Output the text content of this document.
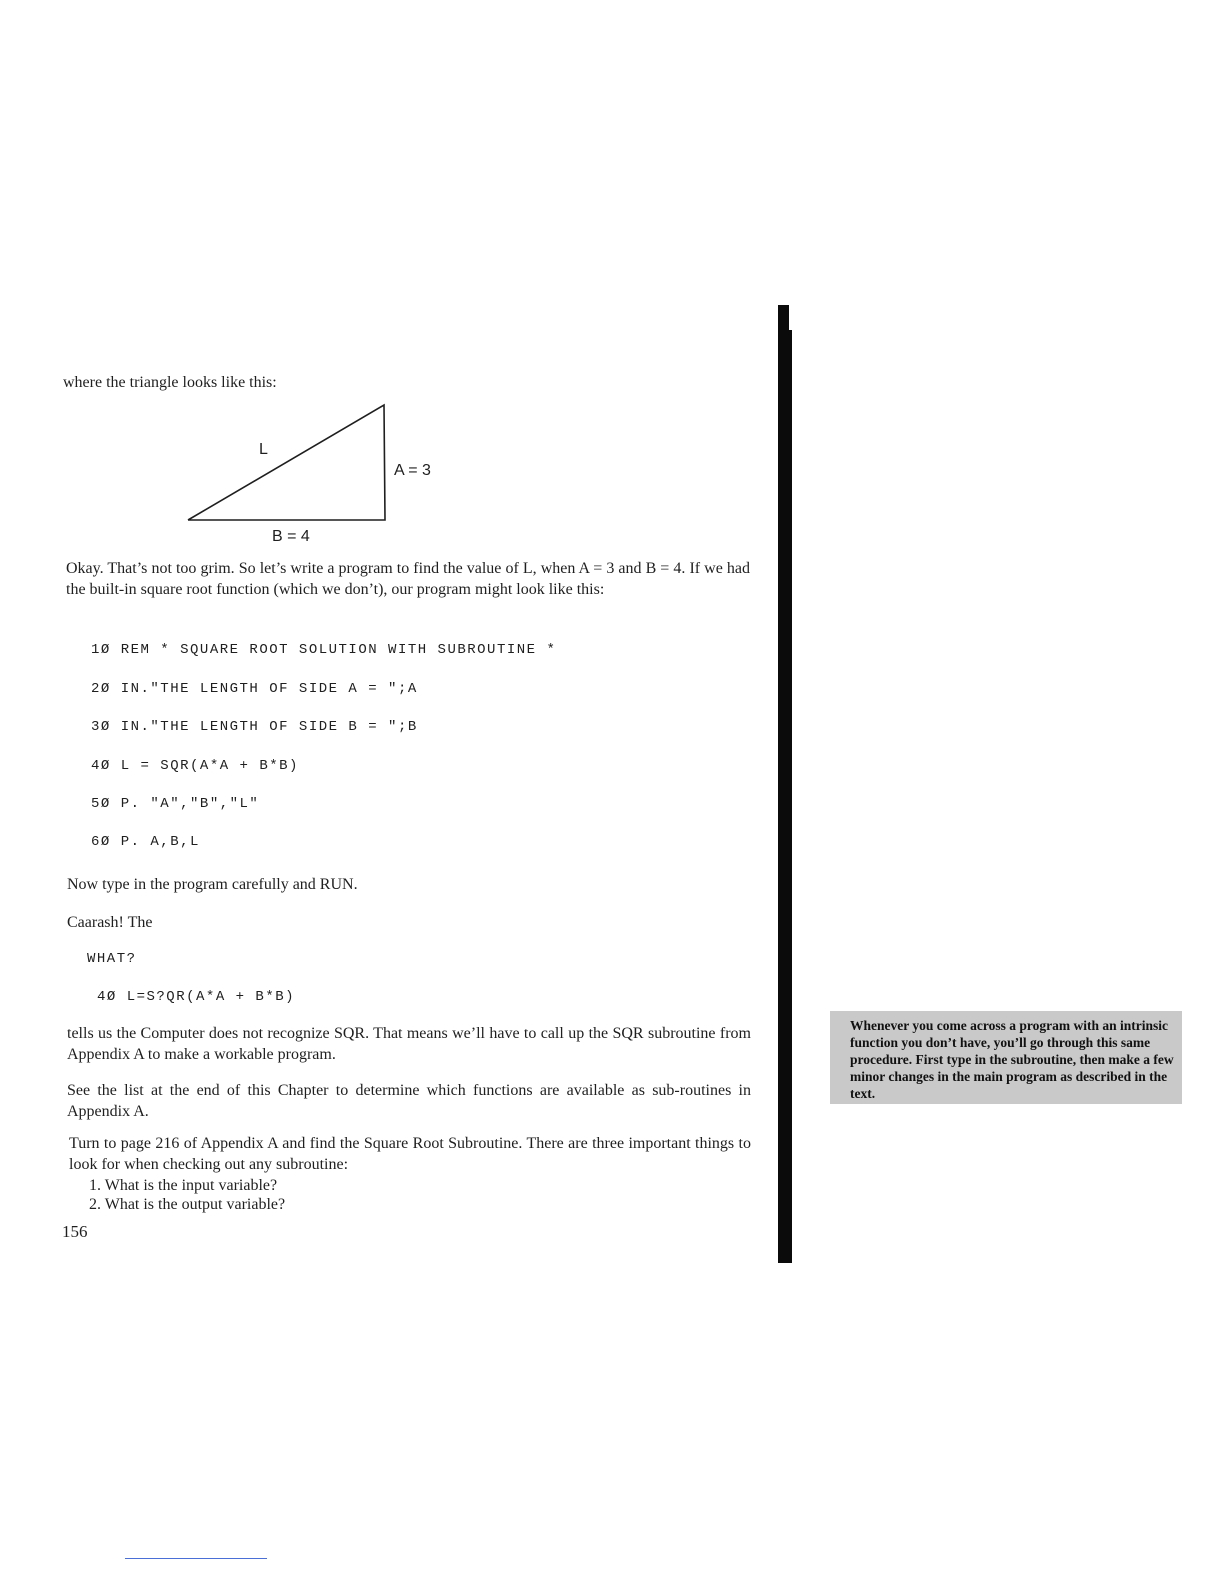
where the triangle looks like this:
L
A = 3
B = 4
Okay. That’s not too grim. So let’s write a program to find the value of L, when A = 3 and B = 4. If we had the built-in square root function (which we don’t), our program might look like this:
1Ø REM * SQUARE ROOT SOLUTION WITH SUBROUTINE *
2Ø IN."THE LENGTH OF SIDE A = ";A
3Ø IN."THE LENGTH OF SIDE B = ";B
4Ø L = SQR(A*A + B*B)
5Ø P. "A","B","L"
6Ø P. A,B,L
Now type in the program carefully and RUN.
Caarash! The
WHAT?
4Ø L=S?QR(A*A + B*B)
tells us the Computer does not recognize SQR. That means we’ll have to call up the SQR subroutine from Appendix A to make a workable program.
See the list at the end of this Chapter to determine which functions are available as sub-routines in Appendix A.
Turn to page 216 of Appendix A and find the Square Root Subroutine. There are three important things to look for when checking out any subroutine:
1. What is the input variable?
2. What is the output variable?
156
Whenever you come across a program with an intrinsic function you don’t have, you’ll go through this same procedure. First type in the subroutine, then make a few minor changes in the main program as described in the text.
